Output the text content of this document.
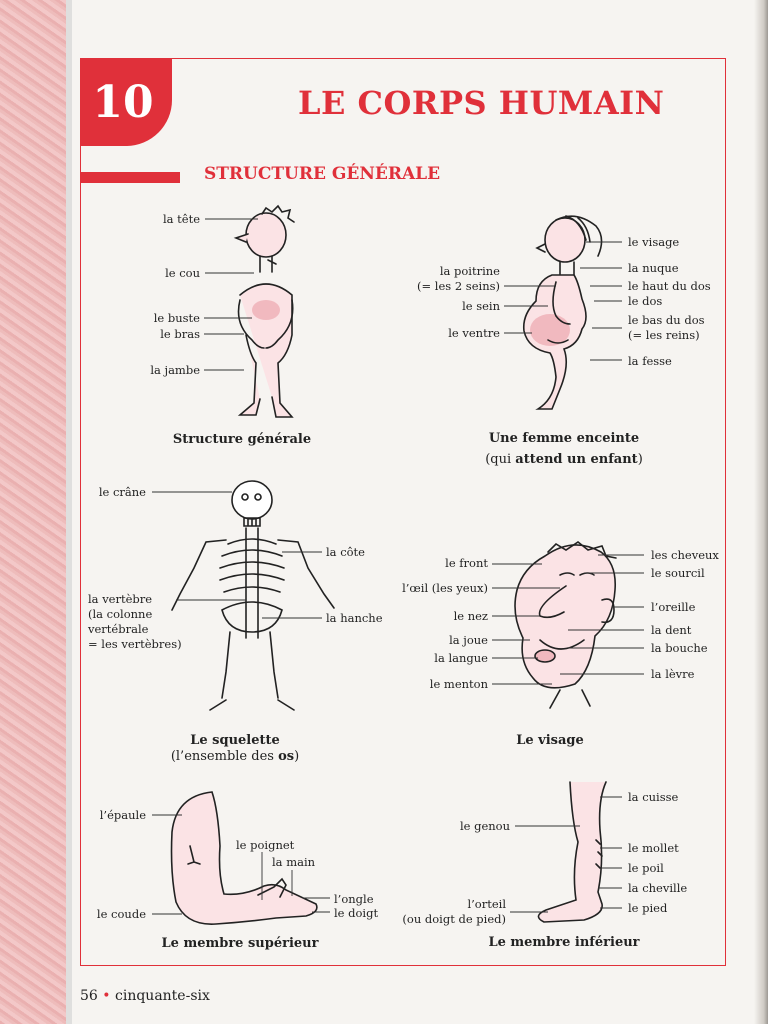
10	LE CORPS HUMAIN
STRUCTURE GÉNÉRALE
la tête
le cou
le buste
le bras
la jambe
Structure générale
la poitrine
(= les 2 seins)
le sein
le ventre
le visage
la nuque
le haut du dos
le dos
le bas du dos
(= les reins)
la fesse
Une femme enceinte
(qui attend un enfant)
le crâne
la côte
la vertèbre
(la colonne
vertébrale
= les vertèbres)
la hanche
Le squelette
(l’ensemble des os)
le front
l’œil (les yeux)
le nez
la joue
la langue
le menton
les cheveux
le sourcil
l’oreille
la dent
la bouche
la lèvre
Le visage
l’épaule
le coude
le poignet
la main
l’ongle
le doigt
Le membre supérieur
la cuisse
le genou
le mollet
le poil
la cheville
le pied
l’orteil
(ou doigt de pied)
Le membre inférieur
56 • cinquante-six
